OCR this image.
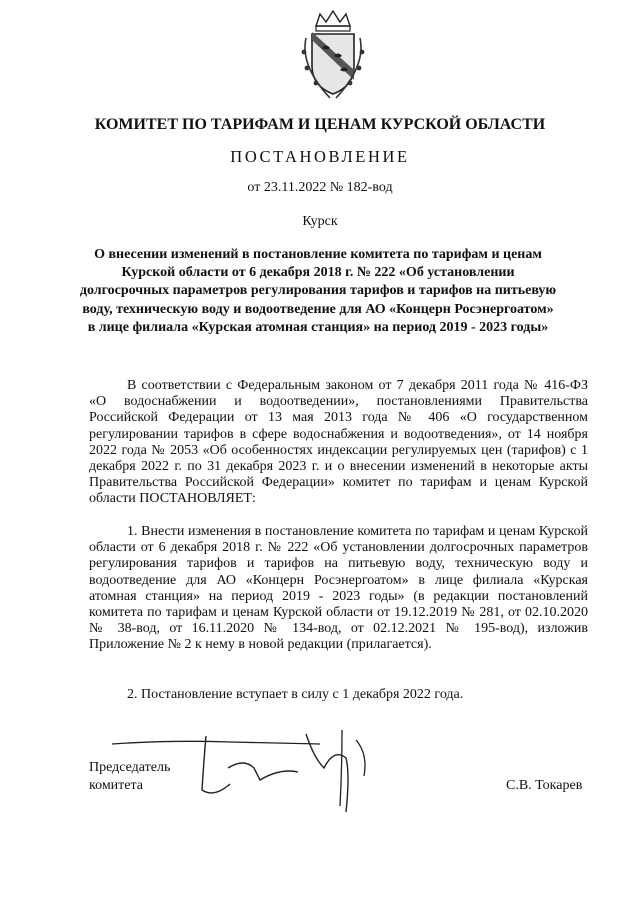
КОМИТЕТ ПО ТАРИФАМ И ЦЕНАМ КУРСКОЙ ОБЛАСТИ
ПОСТАНОВЛЕНИЕ
от 23.11.2022 № 182-вод
Курск
О внесении изменений в постановление комитета по тарифам и ценам Курской области от 6 декабря 2018 г. № 222 «Об установлении долгосрочных параметров регулирования тарифов и тарифов на питьевую воду, техническую воду и водоотведение для АО «Концерн Росэнергоатом» в лице филиала «Курская атомная станция» на период 2019 - 2023 годы»

В соответствии с Федеральным законом от 7 декабря 2011 года № 416-ФЗ «О водоснабжении и водоотведении», постановлениями Правительства Российской Федерации от 13 мая 2013 года № 406 «О государственном регулировании тарифов в сфере водоснабжения и водоотведения», от 14 ноября 2022 года № 2053 «Об особенностях индексации регулируемых цен (тарифов) с 1 декабря 2022 г. по 31 декабря 2023 г. и о внесении изменений в некоторые акты Правительства Российской Федерации» комитет по тарифам и ценам Курской области ПОСТАНОВЛЯЕТ:

1. Внести изменения в постановление комитета по тарифам и ценам Курской области от 6 декабря 2018 г. № 222 «Об установлении долгосрочных параметров регулирования тарифов и тарифов на питьевую воду, техническую воду и водоотведение для АО «Концерн Росэнергоатом» в лице филиала «Курская атомная станция» на период 2019 - 2023 годы» (в редакции постановлений комитета по тарифам и ценам Курской области от 19.12.2019 № 281, от 02.10.2020 № 38-вод, от 16.11.2020 № 134-вод, от 02.12.2021 № 195-вод), изложив Приложение № 2 к нему в новой редакции (прилагается).

2. Постановление вступает в силу с 1 декабря 2022 года.

Председатель
комитета	С.В. Токарев
